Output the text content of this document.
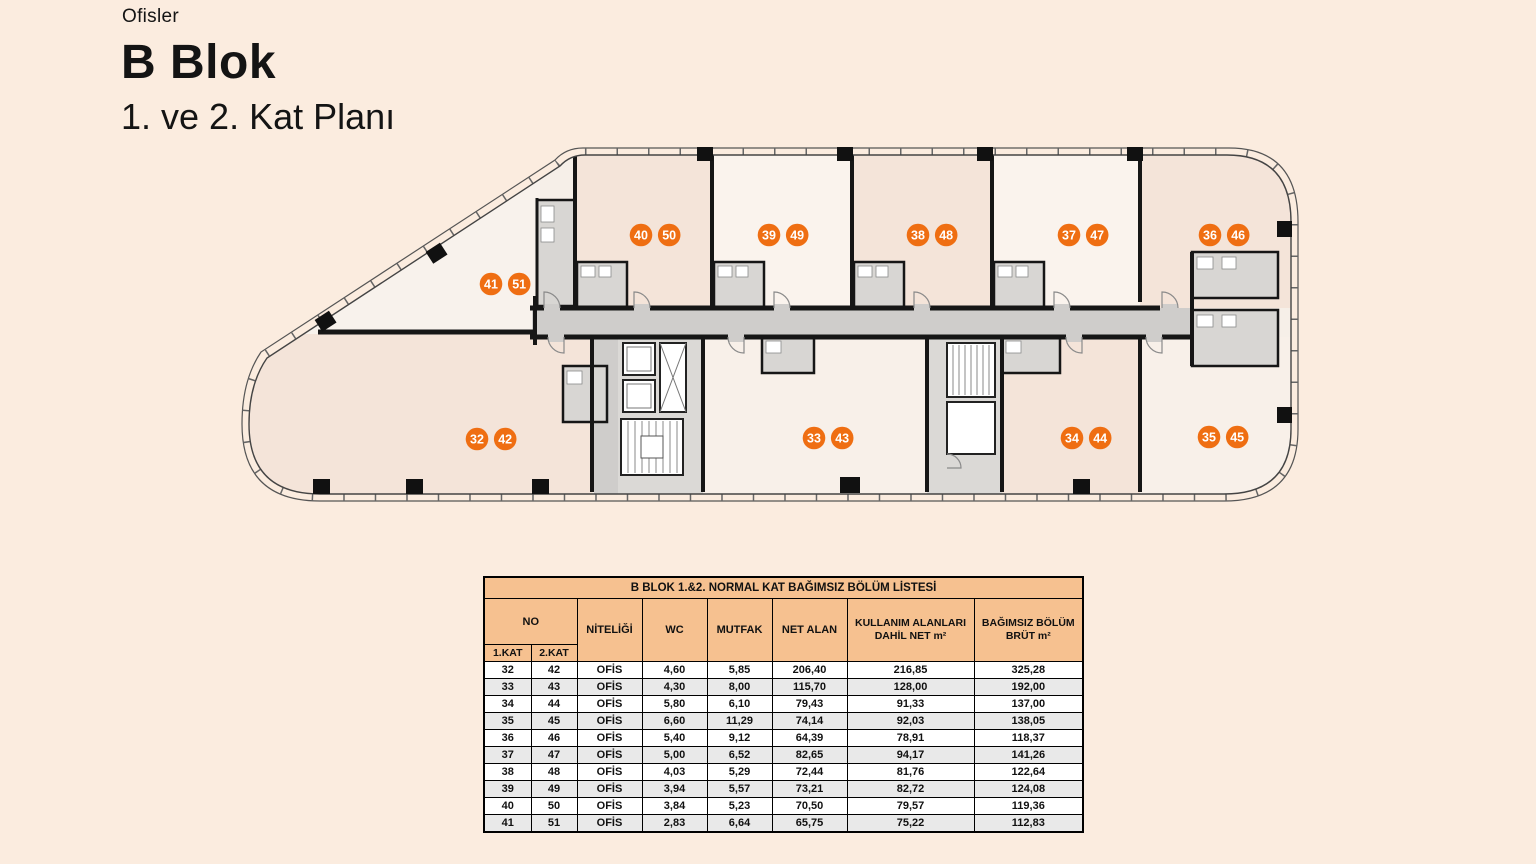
Ofisler

B Blok

1. ve 2. Kat Planı

40 50	39 49	38 48	37 47	36 46
41 51
32 42	33 43	34 44	35 45
B BLOK 1.&2. NORMAL KAT BAĞIMSIZ BÖLÜM LİSTESİ							
NO		NİTELİĞİ	WC	MUTFAK	NET ALAN	KULLANIM ALANLARI DAHİL NET m²	BAĞIMSIZ BÖLÜM BRÜT m²
1.KAT	2.KAT						
32	42	OFİS	4,60	5,85	206,40	216,85	325,28
33	43	OFİS	4,30	8,00	115,70	128,00	192,00
34	44	OFİS	5,80	6,10	79,43	91,33	137,00
35	45	OFİS	6,60	11,29	74,14	92,03	138,05
36	46	OFİS	5,40	9,12	64,39	78,91	118,37
37	47	OFİS	5,00	6,52	82,65	94,17	141,26
38	48	OFİS	4,03	5,29	72,44	81,76	122,64
39	49	OFİS	3,94	5,57	73,21	82,72	124,08
40	50	OFİS	3,84	5,23	70,50	79,57	119,36
41	51	OFİS	2,83	6,64	65,75	75,22	112,83
